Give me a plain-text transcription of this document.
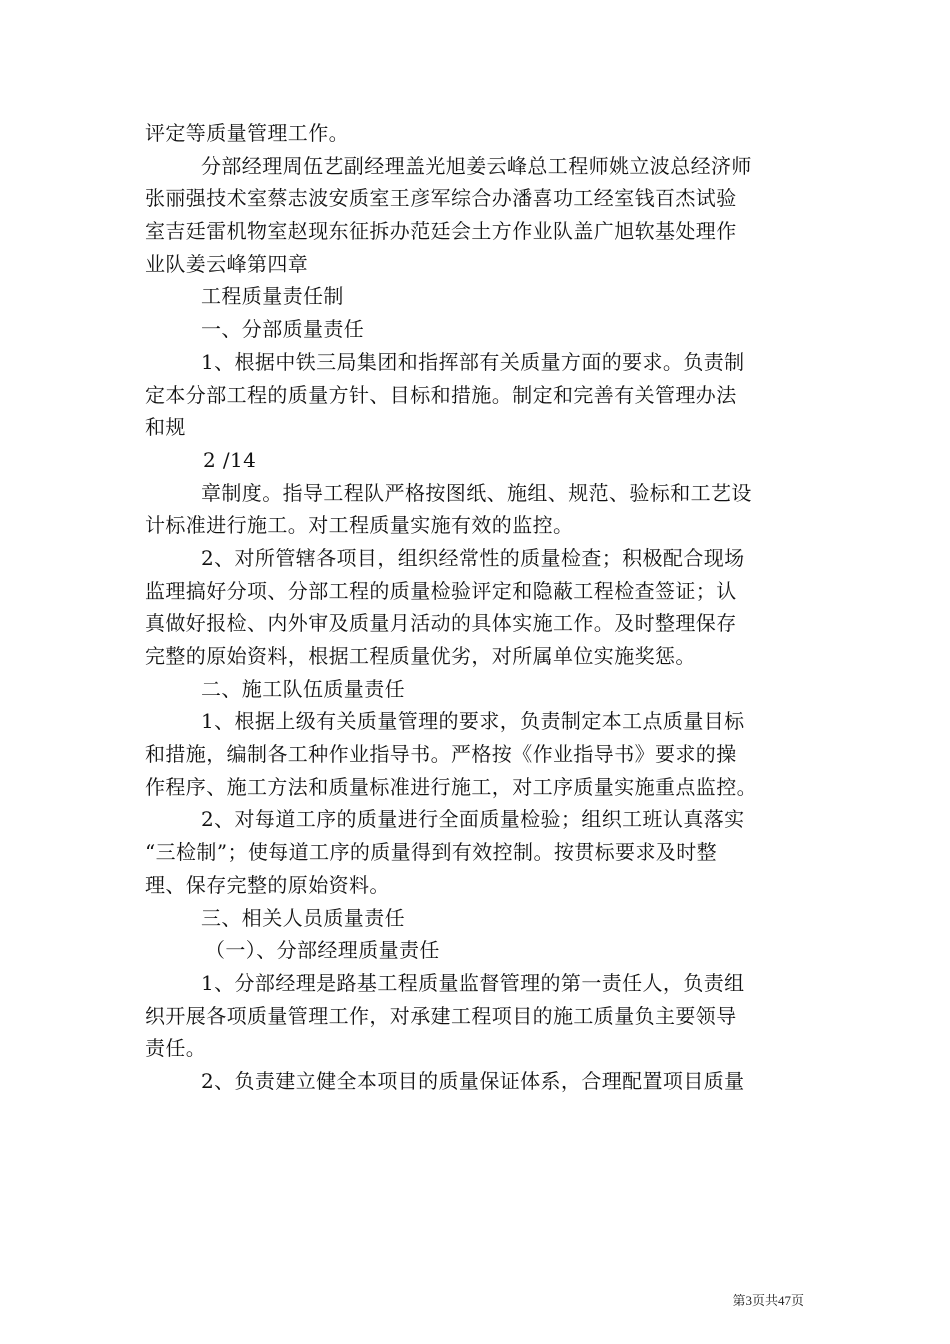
评定等质量管理工作。
分部经理周伍艺副经理盖光旭姜云峰总工程师姚立波总经济师
张丽强技术室蔡志波安质室王彦军综合办潘喜功工经室钱百杰试验
室吉廷雷机物室赵现东征拆办范廷会土方作业队盖广旭软基处理作
业队姜云峰第四章
工程质量责任制
一、分部质量责任
1、根据中铁三局集团和指挥部有关质量方面的要求。负责制
定本分部工程的质量方针、目标和措施。制定和完善有关管理办法
和规
2 /14
章制度。指导工程队严格按图纸、施组、规范、验标和工艺设
计标准进行施工。对工程质量实施有效的监控。
2、对所管辖各项目，组织经常性的质量检查；积极配合现场
监理搞好分项、分部工程的质量检验评定和隐蔽工程检查签证；认
真做好报检、内外审及质量月活动的具体实施工作。及时整理保存
完整的原始资料，根据工程质量优劣，对所属单位实施奖惩。
二、施工队伍质量责任
1、根据上级有关质量管理的要求，负责制定本工点质量目标
和措施，编制各工种作业指导书。严格按《作业指导书》要求的操
作程序、施工方法和质量标准进行施工，对工序质量实施重点监控。
2、对每道工序的质量进行全面质量检验；组织工班认真落实
“三检制”；使每道工序的质量得到有效控制。按贯标要求及时整
理、保存完整的原始资料。
三、相关人员质量责任
（一）、分部经理质量责任
1、分部经理是路基工程质量监督管理的第一责任人，负责组
织开展各项质量管理工作，对承建工程项目的施工质量负主要领导
责任。
2、负责建立健全本项目的质量保证体系，合理配置项目质量
第3页共47页
